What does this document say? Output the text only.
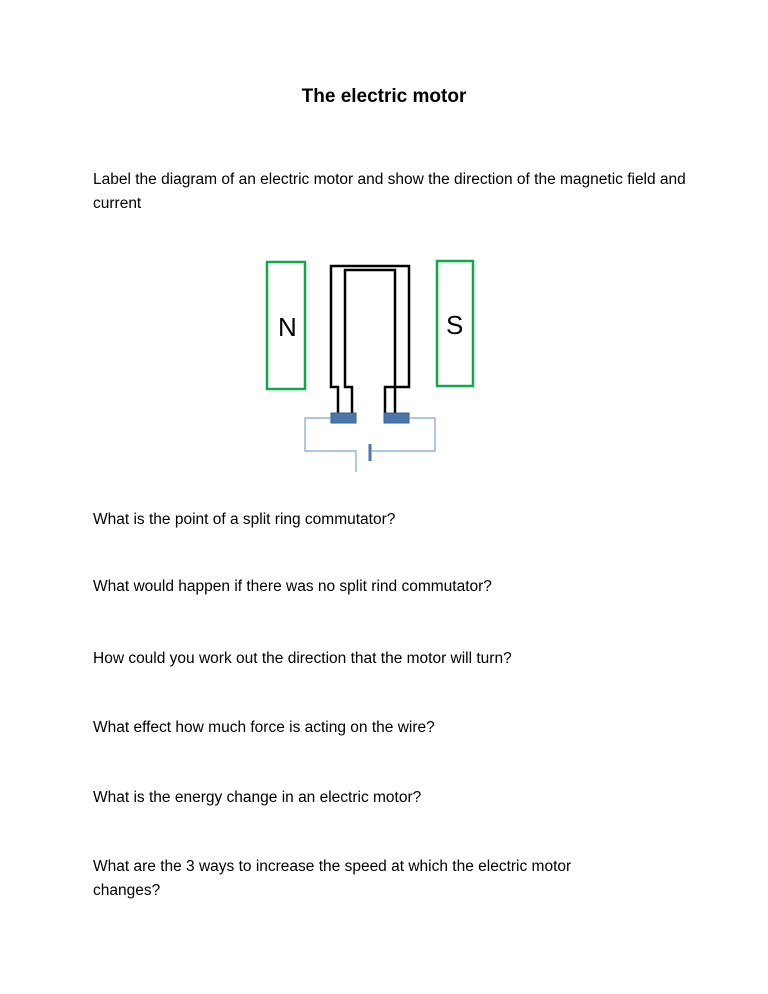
The electric motor

Label the diagram of an electric motor and show the direction of the magnetic field and current

N	S

What is the point of a split ring commutator?

What would happen if there was no split rind commutator?

How could you work out the direction that the motor will turn?

What effect how much force is acting on the wire?

What is the energy change in an electric motor?

What are the 3 ways to increase the speed at which the electric motor changes?
